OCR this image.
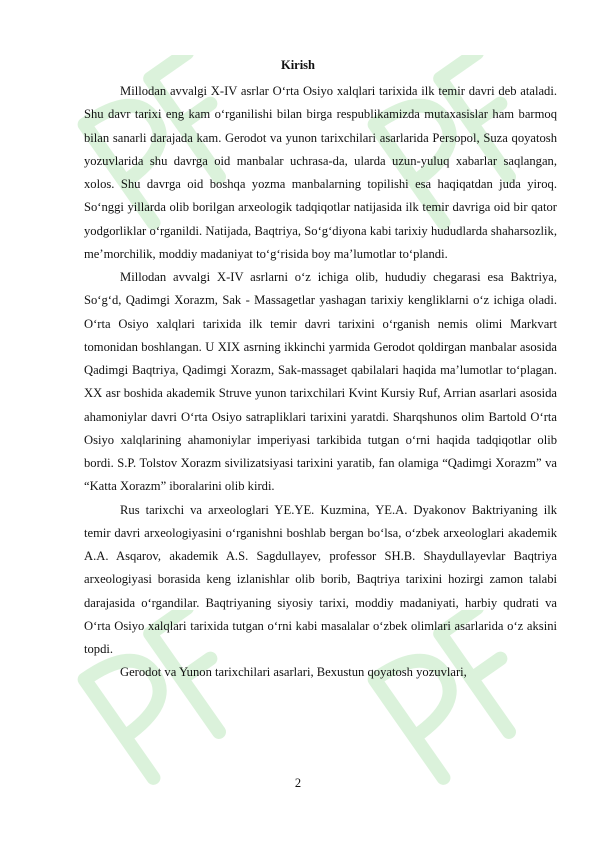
Kirish

Millodan avvalgi X-IV asrlar O‘rta Osiyo xalqlari tarixida ilk temir davri deb ataladi. Shu davr tarixi eng kam o‘rganilishi bilan birga respublikamizda mutaxasislar ham barmoq bilan sanarli darajada kam. Gerodot va yunon tarixchilari asarlarida Persopol, Suza qoyatosh yozuvlarida shu davrga oid manbalar uchrasa-da, ularda uzun-yuluq xabarlar saqlangan, xolos. Shu davrga oid boshqa yozma manbalarning topilishi esa haqiqatdan juda yiroq. So‘nggi yillarda olib borilgan arxeologik tadqiqotlar natijasida ilk temir davriga oid bir qator yodgorliklar o‘rganildi. Natijada, Baqtriya, So‘g‘diyona kabi tarixiy hududlarda shaharsozlik, me’morchilik, moddiy madaniyat to‘g‘risida boy ma’lumotlar to‘plandi.

Millodan avvalgi X-IV asrlarni o‘z ichiga olib, hududiy chegarasi esa Baktriya, So‘g‘d, Qadimgi Xorazm, Sak - Massagetlar yashagan tarixiy kengliklarni o‘z ichiga oladi. O‘rta Osiyo xalqlari tarixida ilk temir davri tarixini o‘rganish nemis olimi Markvart tomonidan boshlangan. U XIX asrning ikkinchi yarmida Gerodot qoldirgan manbalar asosida Qadimgi Baqtriya, Qadimgi Xorazm, Sak-massaget qabilalari haqida ma’lumotlar to‘plagan. XX asr boshida akademik Struve yunon tarixchilari Kvint Kursiy Ruf, Arrian asarlari asosida ahamoniylar davri O‘rta Osiyo satrapliklari tarixini yaratdi. Sharqshunos olim Bartold O‘rta Osiyo xalqlarining ahamoniylar imperiyasi tarkibida tutgan o‘rni haqida tadqiqotlar olib bordi. S.P. Tolstov Xorazm sivilizatsiyasi tarixini yaratib, fan olamiga “Qadimgi Xorazm” va “Katta Xorazm” iboralarini olib kirdi.

Rus tarixchi va arxeologlari YE.YE. Kuzmina, YE.A. Dyakonov Baktriyaning ilk temir davri arxeologiyasini o‘rganishni boshlab bergan bo‘lsa, o‘zbek arxeologlari akademik A.A. Asqarov, akademik A.S. Sagdullayev, professor SH.B. Shaydullayevlar Baqtriya arxeologiyasi borasida keng izlanishlar olib borib, Baqtriya tarixini hozirgi zamon talabi darajasida o‘rgandilar. Baqtriyaning siyosiy tarixi, moddiy madaniyati, harbiy qudrati va O‘rta Osiyo xalqlari tarixida tutgan o‘rni kabi masalalar o‘zbek olimlari asarlarida o‘z aksini topdi.

Gerodot va Yunon tarixchilari asarlari, Bexustun qoyatosh yozuvlari,

2
